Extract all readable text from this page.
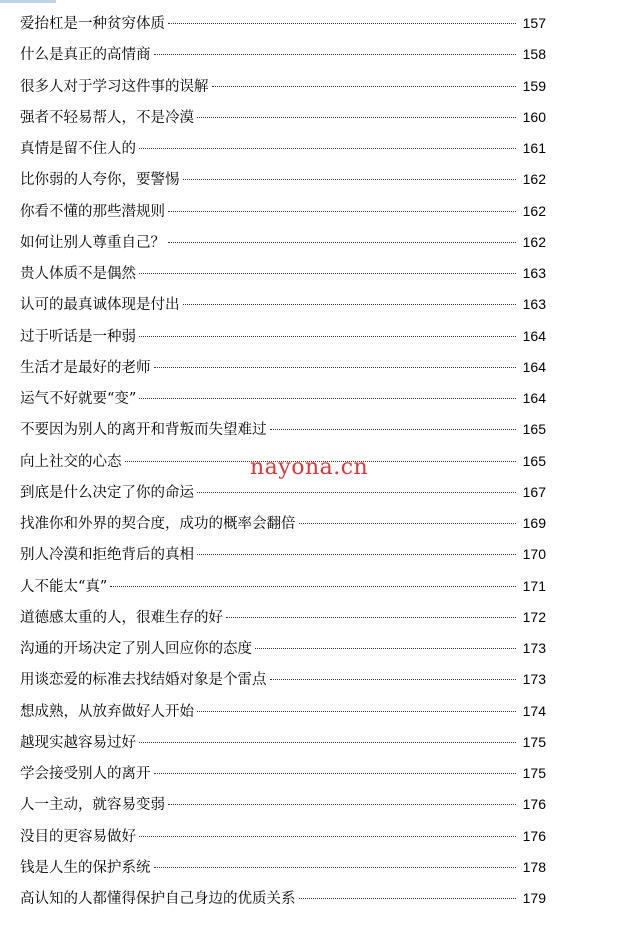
爱抬杠是一种贫穷体质	157
什么是真正的高情商	158
很多人对于学习这件事的误解	159
强者不轻易帮人，不是冷漠	160
真情是留不住人的	161
比你弱的人夸你，要警惕	162
你看不懂的那些潜规则	162
如何让别人尊重自己？	162
贵人体质不是偶然	163
认可的最真诚体现是付出	163
过于听话是一种弱	164
生活才是最好的老师	164
运气不好就要“变”	164
不要因为别人的离开和背叛而失望难过	165
向上社交的心态	165
到底是什么决定了你的命运	167
找准你和外界的契合度，成功的概率会翻倍	169
别人冷漠和拒绝背后的真相	170
人不能太“真”	171
道德感太重的人，很难生存的好	172
沟通的开场决定了别人回应你的态度	173
用谈恋爱的标准去找结婚对象是个雷点	173
想成熟，从放弃做好人开始	174
越现实越容易过好	175
学会接受别人的离开	175
人一主动，就容易变弱	176
没目的更容易做好	176
钱是人生的保护系统	178
高认知的人都懂得保护自己身边的优质关系	179
nayona.cn
